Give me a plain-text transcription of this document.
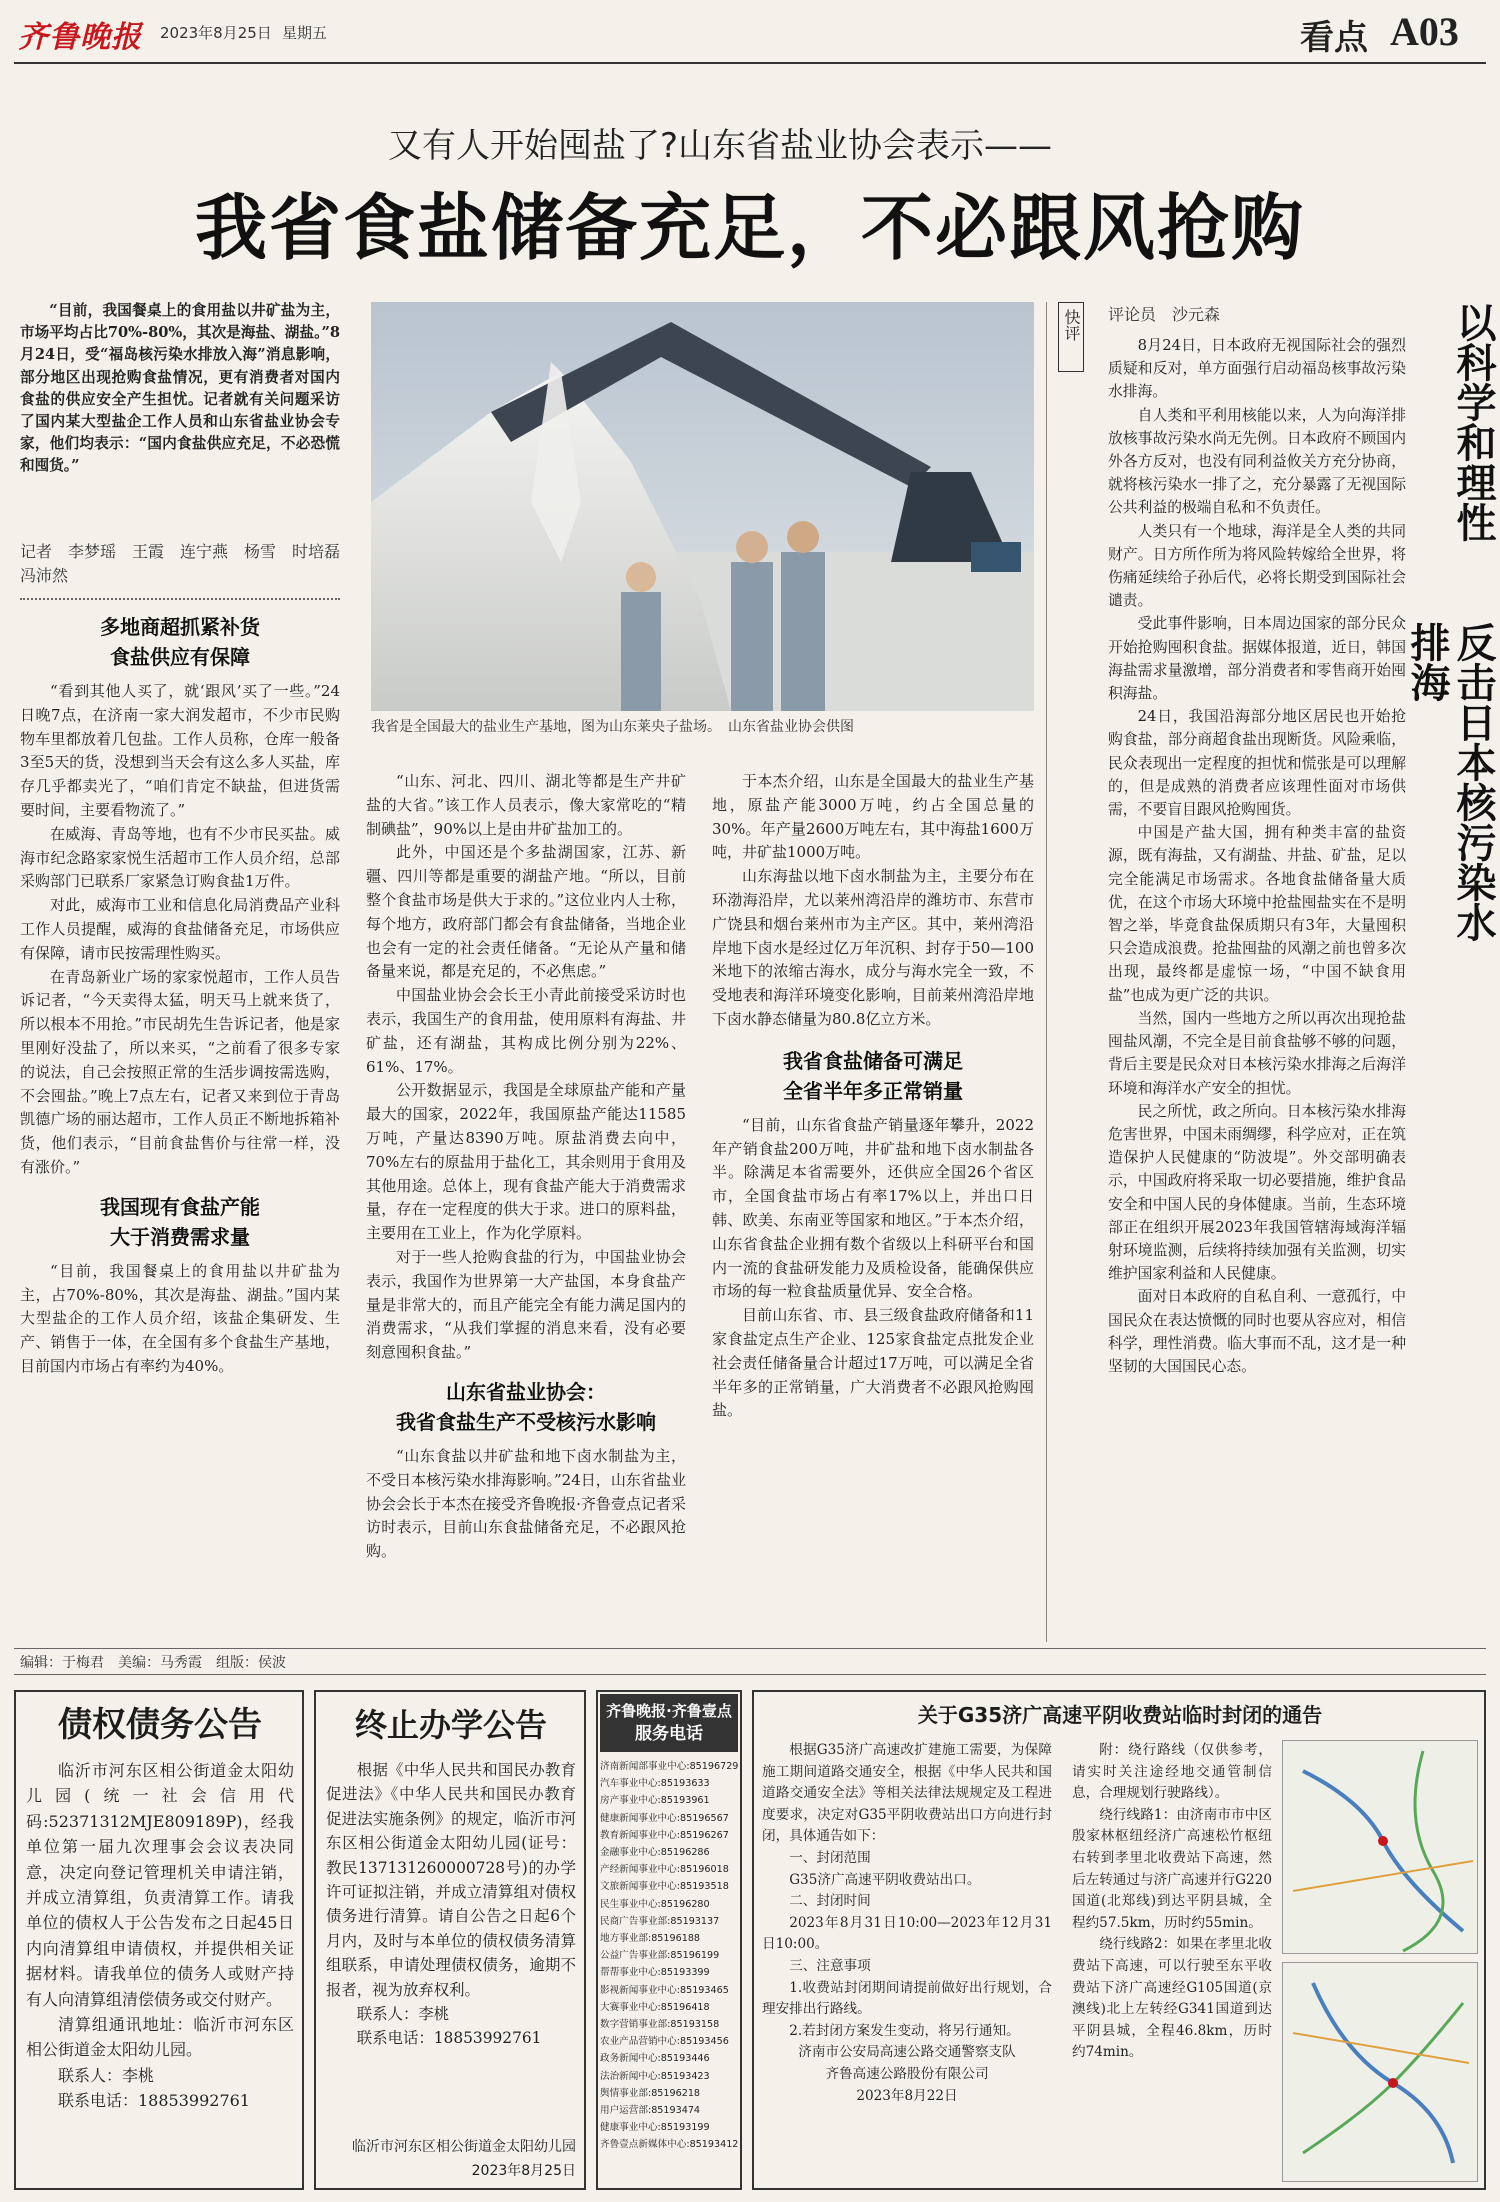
齐鲁晚报 2023年8月25日 星期五	看点 A03
又有人开始囤盐了?山东省盐业协会表示——
我省食盐储备充足，不必跟风抢购

“目前，我国餐桌上的食用盐以井矿盐为主，市场平均占比70%-80%，其次是海盐、湖盐。”8月24日，受“福岛核污染水排放入海”消息影响，部分地区出现抢购食盐情况，更有消费者对国内食盐的供应安全产生担忧。记者就有关问题采访了国内某大型盐企工作人员和山东省盐业协会专家，他们均表示：“国内食盐供应充足，不必恐慌和囤货。”

记者　李梦瑶　王霞　连宁燕　杨雪　时培磊　冯沛然
我省是全国最大的盐业生产基地，图为山东莱央子盐场。　山东省盐业协会供图
多地商超抓紧补货
食盐供应有保障

“看到其他人买了，就‘跟风’买了一些。”24日晚7点，在济南一家大润发超市，不少市民购物车里都放着几包盐。工作人员称，仓库一般备3至5天的货，没想到当天会有这么多人买盐，库存几乎都卖光了，“咱们肯定不缺盐，但进货需要时间，主要看物流了。”

在威海、青岛等地，也有不少市民买盐。威海市纪念路家家悦生活超市工作人员介绍，总部采购部门已联系厂家紧急订购食盐1万件。

对此，威海市工业和信息化局消费品产业科工作人员提醒，威海的食盐储备充足，市场供应有保障，请市民按需理性购买。

在青岛新业广场的家家悦超市，工作人员告诉记者，“今天卖得太猛，明天马上就来货了，所以根本不用抢。”市民胡先生告诉记者，他是家里刚好没盐了，所以来买，“之前看了很多专家的说法，自己会按照正常的生活步调按需选购，不会囤盐。”晚上7点左右，记者又来到位于青岛凯德广场的丽达超市，工作人员正不断地拆箱补货，他们表示，“目前食盐售价与往常一样，没有涨价。”

我国现有食盐产能
大于消费需求量

“目前，我国餐桌上的食用盐以井矿盐为主，占70%-80%，其次是海盐、湖盐。”国内某大型盐企的工作人员介绍，该盐企集研发、生产、销售于一体，在全国有多个食盐生产基地，目前国内市场占有率约为40%。

“山东、河北、四川、湖北等都是生产井矿盐的大省。”该工作人员表示，像大家常吃的“精制碘盐”，90%以上是由井矿盐加工的。

此外，中国还是个多盐湖国家，江苏、新疆、四川等都是重要的湖盐产地。“所以，目前整个食盐市场是供大于求的。”这位业内人士称，每个地方，政府部门都会有食盐储备，当地企业也会有一定的社会责任储备。“无论从产量和储备量来说，都是充足的，不必焦虑。”

中国盐业协会会长王小青此前接受采访时也表示，我国生产的食用盐，使用原料有海盐、井矿盐，还有湖盐，其构成比例分别为22%、61%、17%。

公开数据显示，我国是全球原盐产能和产量最大的国家，2022年，我国原盐产能达11585万吨，产量达8390万吨。原盐消费去向中，70%左右的原盐用于盐化工，其余则用于食用及其他用途。总体上，现有食盐产能大于消费需求量，存在一定程度的供大于求。进口的原料盐，主要用在工业上，作为化学原料。

对于一些人抢购食盐的行为，中国盐业协会表示，我国作为世界第一大产盐国，本身食盐产量是非常大的，而且产能完全有能力满足国内的消费需求，“从我们掌握的消息来看，没有必要刻意囤积食盐。”

山东省盐业协会：
我省食盐生产不受核污水影响

“山东食盐以井矿盐和地下卤水制盐为主，不受日本核污染水排海影响。”24日，山东省盐业协会会长于本杰在接受齐鲁晚报·齐鲁壹点记者采访时表示，目前山东食盐储备充足，不必跟风抢购。

于本杰介绍，山东是全国最大的盐业生产基地，原盐产能3000万吨，约占全国总量的30%。年产量2600万吨左右，其中海盐1600万吨，井矿盐1000万吨。

山东海盐以地下卤水制盐为主，主要分布在环渤海沿岸，尤以莱州湾沿岸的潍坊市、东营市广饶县和烟台莱州市为主产区。其中，莱州湾沿岸地下卤水是经过亿万年沉积、封存于50—100米地下的浓缩古海水，成分与海水完全一致，不受地表和海洋环境变化影响，目前莱州湾沿岸地下卤水静态储量为80.8亿立方米。

我省食盐储备可满足
全省半年多正常销量

“目前，山东省食盐产销量逐年攀升，2022年产销食盐200万吨，井矿盐和地下卤水制盐各半。除满足本省需要外，还供应全国26个省区市，全国食盐市场占有率17%以上，并出口日韩、欧美、东南亚等国家和地区。”于本杰介绍，山东省食盐企业拥有数个省级以上科研平台和国内一流的食盐研发能力及质检设备，能确保供应市场的每一粒食盐质量优异、安全合格。

目前山东省、市、县三级食盐政府储备和11家食盐定点生产企业、125家食盐定点批发企业社会责任储备量合计超过17万吨，可以满足全省半年多的正常销量，广大消费者不必跟风抢购囤盐。

快评 评论员　沙元森

8月24日，日本政府无视国际社会的强烈质疑和反对，单方面强行启动福岛核事故污染水排海。

自人类和平利用核能以来，人为向海洋排放核事故污染水尚无先例。日本政府不顾国内外各方反对，也没有同利益攸关方充分协商，就将核污染水一排了之，充分暴露了无视国际公共利益的极端自私和不负责任。

人类只有一个地球，海洋是全人类的共同财产。日方所作所为将风险转嫁给全世界，将伤痛延续给子孙后代，必将长期受到国际社会谴责。

受此事件影响，日本周边国家的部分民众开始抢购囤积食盐。据媒体报道，近日，韩国海盐需求量激增，部分消费者和零售商开始囤积海盐。

24日，我国沿海部分地区居民也开始抢购食盐，部分商超食盐出现断货。风险乘临，民众表现出一定程度的担忧和慌张是可以理解的，但是成熟的消费者应该理性面对市场供需，不要盲目跟风抢购囤货。

中国是产盐大国，拥有种类丰富的盐资源，既有海盐，又有湖盐、井盐、矿盐，足以完全能满足市场需求。各地食盐储备量大质优，在这个市场大环境中抢盐囤盐实在不是明智之举，毕竟食盐保质期只有3年，大量囤积只会造成浪费。抢盐囤盐的风潮之前也曾多次出现，最终都是虚惊一场，“中国不缺食用盐”也成为更广泛的共识。

当然，国内一些地方之所以再次出现抢盐囤盐风潮，不完全是目前食盐够不够的问题，背后主要是民众对日本核污染水排海之后海洋环境和海洋水产安全的担忧。

民之所忧，政之所向。日本核污染水排海危害世界，中国未雨绸缪，科学应对，正在筑造保护人民健康的“防波堤”。外交部明确表示，中国政府将采取一切必要措施，维护食品安全和中国人民的身体健康。当前，生态环境部正在组织开展2023年我国管辖海域海洋辐射环境监测，后续将持续加强有关监测，切实维护国家利益和人民健康。

面对日本政府的自私自利、一意孤行，中国民众在表达愤慨的同时也要从容应对，相信科学，理性消费。临大事而不乱，这才是一种坚韧的大国国民心态。

以科学和理性
反击日本核污染水排海
编辑：于梅君　美编：马秀霞　组版：侯波
债权债务公告

临沂市河东区相公街道金太阳幼儿园(统一社会信用代码:52371312MJE809189P)，经我单位第一届九次理事会会议表决同意，决定向登记管理机关申请注销，并成立清算组，负责清算工作。请我单位的债权人于公告发布之日起45日内向清算组申请债权，并提供相关证据材料。请我单位的债务人或财产持有人向清算组清偿债务或交付财产。

清算组通讯地址：临沂市河东区相公街道金太阳幼儿园。

联系人：李桃

联系电话：18853992761

终止办学公告

根据《中华人民共和国民办教育促进法》《中华人民共和国民办教育促进法实施条例》的规定，临沂市河东区相公街道金太阳幼儿园(证号：教民137131260000728号)的办学许可证拟注销，并成立清算组对债权债务进行清算。请自公告之日起6个月内，及时与本单位的债权债务清算组联系，申请处理债权债务，逾期不报者，视为放弃权利。

联系人：李桃

联系电话：18853992761

临沂市河东区相公街道金太阳幼儿园
2023年8月25日
齐鲁晚报·齐鲁壹点
服务电话
济南新闻部事业中心:85196729
汽车事业中心:85193633
房产事业中心:85193961
健康新闻事业中心:85196567
教育新闻事业中心:85196267
金融事业中心:85196286
产经新闻事业中心:85196018
文旅新闻事业中心:85193518
民生事业中心:85196280
民商广告事业部:85193137
地方事业部:85196188
公益广告事业部:85196199
帮帮事业中心:85193399
影视新闻事业中心:85193465
大赛事业中心:85196418
数字营销事业部:85193158
农业产品营销中心:85193456
政务新闻中心:85193446
法治新闻中心:85193423
舆情事业部:85196218
用户运营部:85193474
健康事业中心:85193199
齐鲁壹点新媒体中心:85193412
关于G35济广高速平阴收费站临时封闭的通告

根据G35济广高速改扩建施工需要，为保障施工期间道路交通安全，根据《中华人民共和国道路交通安全法》等相关法律法规规定及工程进度要求，决定对G35平阴收费站出口方向进行封闭，具体通告如下：

一、封闭范围

G35济广高速平阴收费站出口。

二、封闭时间

2023年8月31日10:00—2023年12月31日10:00。

三、注意事项

1.收费站封闭期间请提前做好出行规划，合理安排出行路线。

2.若封闭方案发生变动，将另行通知。

济南市公安局高速公路交通警察支队

齐鲁高速公路股份有限公司

2023年8月22日

附：绕行路线（仅供参考，请实时关注途经地交通管制信息，合理规划行驶路线）。

绕行线路1：由济南市市中区殷家林枢纽经济广高速松竹枢纽右转到孝里北收费站下高速，然后左转通过与济广高速并行G220国道(北郑线)到达平阴县城，全程约57.5km，历时约55min。

绕行线路2：如果在孝里北收费站下高速，可以行驶至东平收费站下济广高速经G105国道(京澳线)北上左转经G341国道到达平阴县城，全程46.8km，历时约74min。
